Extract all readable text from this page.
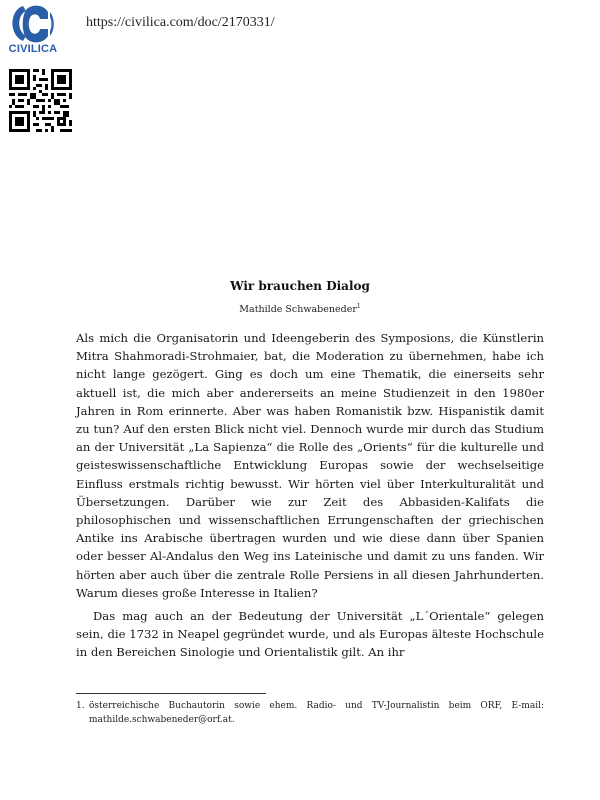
CIVILICA
https://civilica.com/doc/2170331/
Wir brauchen Dialog
Mathilde Schwabeneder$^1$

Als mich die Organisatorin und Ideengeberin des Symposions, die Künstlerin Mitra Shahmoradi-Strohmaier, bat, die Moderation zu übernehmen, habe ich nicht lange gezögert. Ging es doch um eine Thematik, die einerseits sehr aktuell ist, die mich aber andererseits an meine Studienzeit in den 1980er Jahren in Rom erinnerte. Aber was haben Romanistik bzw. Hispanistik damit zu tun? Auf den ersten Blick nicht viel. Dennoch wurde mir durch das Studium an der Universität „La Sapienza“ die Rolle des „Orients“ für die kulturelle und geisteswissenschaftliche Entwicklung Europas sowie der wechselseitige Einfluss erstmals richtig bewusst. Wir hörten viel über Interkulturalität und Übersetzungen. Darüber wie zur Zeit des Abbasiden-Kalifats die philosophischen und wissenschaftlichen Errungenschaften der griechischen Antike ins Arabische übertragen wurden und wie diese dann über Spanien oder besser Al-Andalus den Weg ins Lateinische und damit zu uns fanden. Wir hörten aber auch über die zentrale Rolle Persiens in all diesen Jahrhunderten. Warum dieses große Interesse in Italien?

Das mag auch an der Bedeutung der Universität „L´Orientale“ gelegen sein, die 1732 in Neapel gegründet wurde, und als Europas älteste Hochschule in den Bereichen Sinologie und Orientalistik gilt. An ihr

1. österreichische Buchautorin sowie ehem. Radio- und TV-Journalistin beim ORF, E-mail: mathilde.schwabeneder@orf.at.
